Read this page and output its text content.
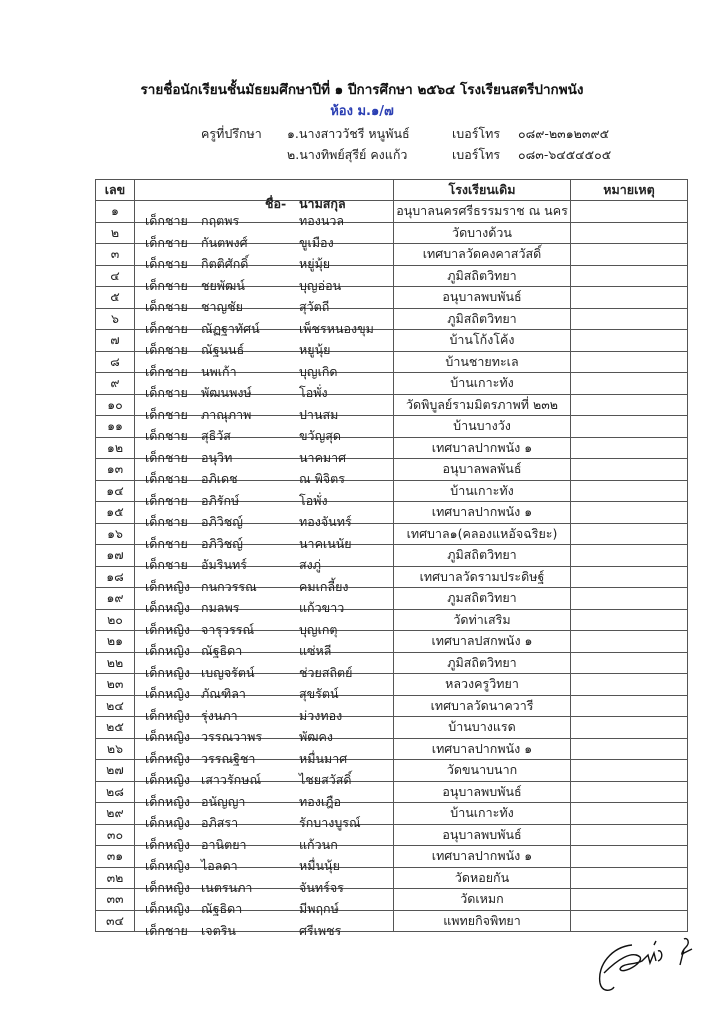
รายชื่อนักเรียนชั้นมัธยมศึกษาปีที่ ๑ ปีการศึกษา ๒๕๖๔ โรงเรียนสตรีปากพนัง
ห้อง ม.๑/๗
ครูที่ปรึกษา ๑.นางสาววัชรี หนูพันธ์	เบอร์โทร ๐๘๙-๒๓๑๒๓๙๕
๒.นางทิพย์สุรีย์ คงแก้ว	เบอร์โทร ๐๘๓-๖๔๕๔๕๐๕
เลข	ชื่อ- นามสกุล	โรงเรียนเดิม	หมายเหตุ
๑	เด็กชาย กฤตพร ทองนวล	อนุบาลนครศรีธรรมราช ณ นคร	
๒	เด็กชาย กันตพงศ์ ขูเมือง	วัดบางด้วน	
๓	เด็กชาย กิตติศักดิ์ หยู่มุ้ย	เทศบาลวัดคงคาสวัสดิ์	
๔	เด็กชาย ชยพัฒน์ บุญอ่อน	ภูมิสถิตวิทยา	
๕	เด็กชาย ชาญชัย สุวัตถี	อนุบาลพบพันธ์	
๖	เด็กชาย ณัฏฐาทัศน์ เพ็ชรหนองขุม	ภูมิสถิตวิทยา	
๗	เด็กชาย ณัฐนนธ์ หยูนุ้ย	บ้านโก้งโค้ง	
๘	เด็กชาย นพเก้า บุญเกิด	บ้านชายทะเล	
๙	เด็กชาย พัฒนพงษ์ โอพั่ง	บ้านเกาะทัง	
๑๐	เด็กชาย ภาณุภาพ ปานสม	วัดพิบูลย์รามมิตรภาพที่ ๒๓๒	
๑๑	เด็กชาย สุธิวัส ขวัญสุด	บ้านบางวัง	
๑๒	เด็กชาย อนุวิท นาคมาศ	เทศบาลปากพนัง ๑	
๑๓	เด็กชาย อภิเดช ณ พิจิตร	อนุบาลพลพันธ์	
๑๔	เด็กชาย อภิรักษ์ โอพั่ง	บ้านเกาะทัง	
๑๕	เด็กชาย อภิวิชญ์ ทองจันทร์	เทศบาลปากพนัง ๑	
๑๖	เด็กชาย อภิวิชญ์ นาคเนนัย	เทศบาล๑(คลองแหอัจฉริยะ)	
๑๗	เด็กชาย อัมรินทร์ สงภู่	ภูมิสถิตวิทยา	
๑๘	เด็กหญิง กนกวรรณ คมเกลี้ยง	เทศบาลวัดรามประดิษฐ์	
๑๙	เด็กหญิง กมลพร แก้วขาว	ภูมสถิตวิทยา	
๒๐	เด็กหญิง จารุวรรณ์ บุญเกตุ	วัดท่าเสริม	
๒๑	เด็กหญิง ณัฐธิดา แซ่หลี	เทศบาลปสกพนัง ๑	
๒๒	เด็กหญิง เบญจรัตน์ ช่วยสถิตย์	ภูมิสถิตวิทยา	
๒๓	เด็กหญิง ภัณฑิลา สุขรัตน์	หลวงครูวิทยา	
๒๔	เด็กหญิง รุ่งนภา ม่วงทอง	เทศบาลวัดนาควารี	
๒๕	เด็กหญิง วรรณวาพร พัฒคง	บ้านบางแรด	
๒๖	เด็กหญิง วรรณฐิชา หมื่นมาศ	เทศบาลปากพนัง ๑	
๒๗	เด็กหญิง เสาวรักษณ์ ไชยสวัสดิ์	วัดขนาบนาก	
๒๘	เด็กหญิง อนัญญา ทองเฎือ	อนุบาลพบพันธ์	
๒๙	เด็กหญิง อภิสรา รักบางบูรณ์	บ้านเกาะทัง	
๓๐	เด็กหญิง อานิตยา แก้วนก	อนุบาลพบพันธ์	
๓๑	เด็กหญิง ไอลดา หมื่นนุ้ย	เทศบาลปากพนัง ๑	
๓๒	เด็กหญิง เนตรนภา จันทร์จร	วัดหอยกัน	
๓๓	เด็กหญิง ณัฐธิดา มีพฤกษ์	วัดเหมก	
๓๔	เด็กชาย เจตริน ศรีเพชร	แพทยกิจพิทยา	
